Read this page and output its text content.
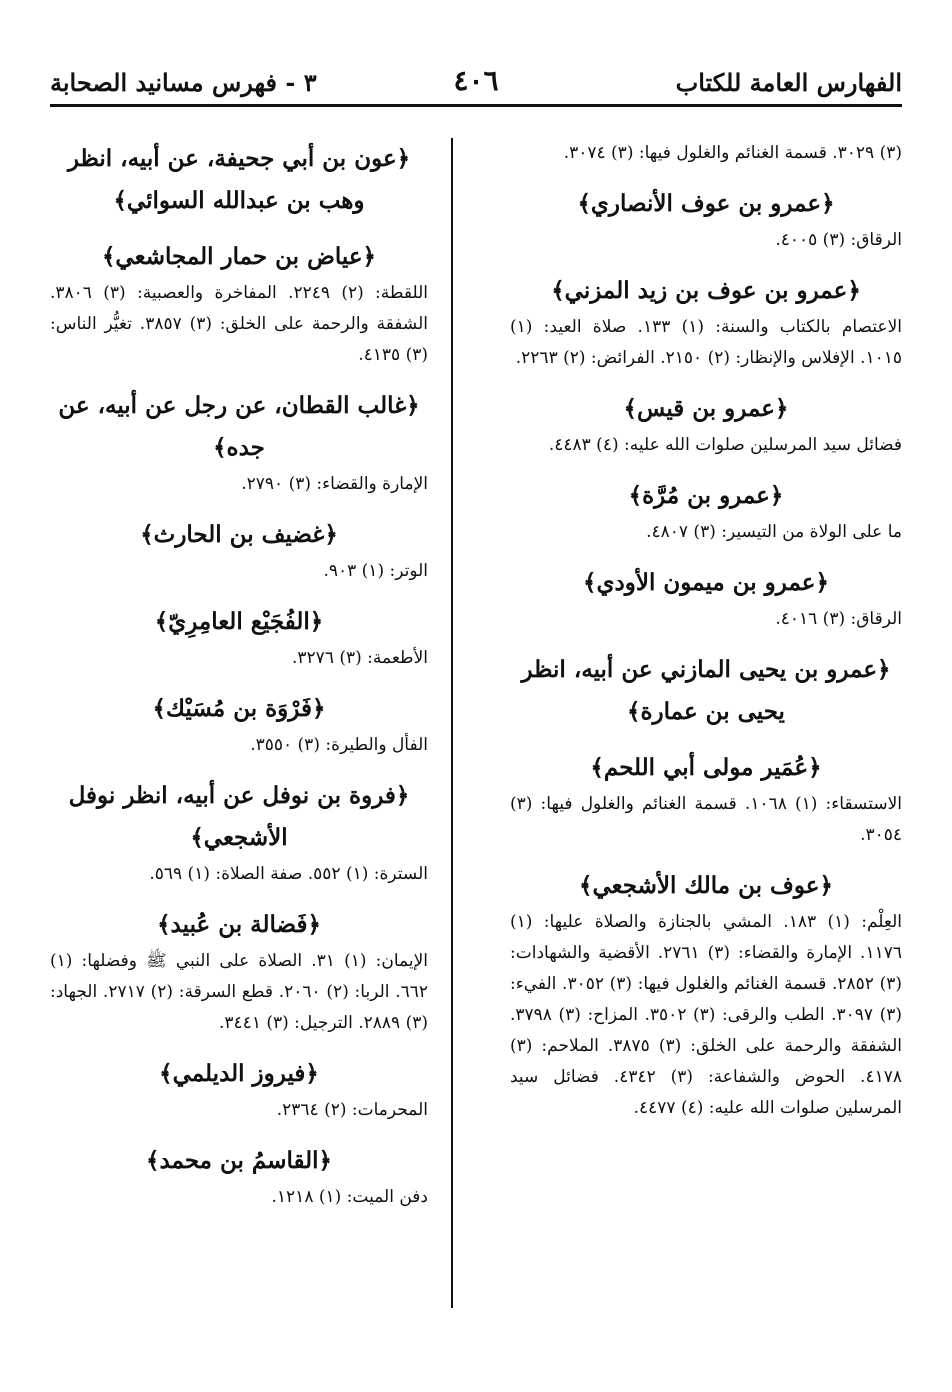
الفهارس العامة للكتاب
٤٠٦
٣ - فهرس مسانيد الصحابة

(٣) ٣٠٢٩. قسمة الغنائم والغلول فيها: (٣) ٣٠٧٤.

﴿عمرو بن عوف الأنصاري﴾

الرقاق: (٣) ٤٠٠٥.

﴿عمرو بن عوف بن زيد المزني﴾

الاعتصام بالكتاب والسنة: (١) ١٣٣. صلاة العيد: (١) ١٠١٥. الإفلاس والإنظار: (٢) ٢١٥٠. الفرائض: (٢) ٢٢٦٣.

﴿عمرو بن قيس﴾

فضائل سيد المرسلين صلوات الله عليه: (٤) ٤٤٨٣.

﴿عمرو بن مُرَّة﴾

ما على الولاة من التيسير: (٣) ٤٨٠٧.

﴿عمرو بن ميمون الأودي﴾

الرقاق: (٣) ٤٠١٦.

﴿عمرو بن يحيى المازني عن أبيه، انظر يحيى بن عمارة﴾

﴿عُمَير مولى أبي اللحم﴾

الاستسقاء: (١) ١٠٦٨. قسمة الغنائم والغلول فيها: (٣) ٣٠٥٤.

﴿عوف بن مالك الأشجعي﴾

العِلْم: (١) ١٨٣. المشي بالجنازة والصلاة عليها: (١) ١١٧٦. الإمارة والقضاء: (٣) ٢٧٦١. الأقضية والشهادات: (٣) ٢٨٥٢. قسمة الغنائم والغلول فيها: (٣) ٣٠٥٢. الفيء: (٣) ٣٠٩٧. الطب والرقى: (٣) ٣٥٠٢. المزاح: (٣) ٣٧٩٨. الشفقة والرحمة على الخلق: (٣) ٣٨٧٥. الملاحم: (٣) ٤١٧٨. الحوض والشفاعة: (٣) ٤٣٤٢. فضائل سيد المرسلين صلوات الله عليه: (٤) ٤٤٧٧.

﴿عون بن أبي جحيفة، عن أبيه، انظر وهب بن عبدالله السوائي﴾

﴿عياض بن حمار المجاشعي﴾

اللقطة: (٢) ٢٢٤٩. المفاخرة والعصبية: (٣) ٣٨٠٦. الشفقة والرحمة على الخلق: (٣) ٣٨٥٧. تغيُّر الناس: (٣) ٤١٣٥.

﴿غالب القطان، عن رجل عن أبيه، عن جده﴾

الإمارة والقضاء: (٣) ٢٧٩٠.

﴿غضيف بن الحارث﴾

الوتر: (١) ٩٠٣.

﴿الفُجَيْع العامِرِيّ﴾

الأطعمة: (٣) ٣٢٧٦.

﴿فَرْوَة بن مُسَيْك﴾

الفأل والطيرة: (٣) ٣٥٥٠.

﴿فروة بن نوفل عن أبيه، انظر نوفل الأشجعي﴾

السترة: (١) ٥٥٢. صفة الصلاة: (١) ٥٦٩.

﴿فَضالة بن عُبيد﴾

الإيمان: (١) ٣١. الصلاة على النبي ﷺ وفضلها: (١) ٦٦٢. الربا: (٢) ٢٠٦٠. قطع السرقة: (٢) ٢٧١٧. الجهاد: (٣) ٢٨٨٩. الترجيل: (٣) ٣٤٤١.

﴿فيروز الديلمي﴾

المحرمات: (٢) ٢٣٦٤.

﴿القاسمُ بن محمد﴾

دفن الميت: (١) ١٢١٨.
